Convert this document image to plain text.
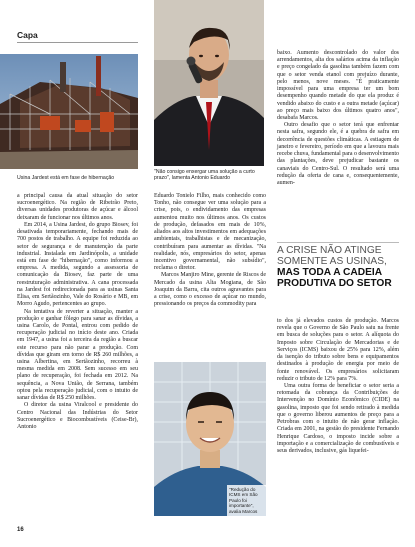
Capa
Usina Jardest está em fase de hibernação
"Não consigo enxergar uma solução a curto prazo", lamenta Antonio Eduardo

a principal causa da atual situação do setor sucroenergético. Na região de Ribeirão Preto, diversas unidades produtoras de açúcar e álcool deixaram de funcionar nos últimos anos.

Em 2014, a Usina Jardest, do grupo Biosev, foi desativada temporariamente, fechando mais de 700 postos de trabalho. A equipe foi reduzida ao setor de segurança e de manutenção da parte industrial. Instalada em Jardinópolis, a unidade está em fase de "hibernação", como informou a empresa. A medida, segundo a assessoria de comunicação da Biosev, faz parte de uma reestruturação administrativa. A cana processada na Jardest foi redirecionada para as usinas Santa Elisa, em Sertãozinho, Vale do Rosário e MB, em Morro Agudo, pertencentes ao grupo.

Na tentativa de reverter a situação, manter a produção e ganhar fôlego para sanar as dívidas, a usina Carolo, de Pontal, entrou com pedido de recuperação judicial no início deste ano. Criada em 1947, a usina foi a terceira da região a buscar este recurso para não parar a produção. Com dívidas que giram em torno de R$ 260 milhões, a usina Albertina, em Sertãozinho, recorreu à mesma medida em 2008. Sem sucesso em seu plano de recuperação, foi fechada em 2012. Na sequência, a Nova União, de Serrana, também optou pela recuperação judicial, com o intuito de sanar dívidas de R$ 250 milhões.

O diretor da usina Viralcool e presidente do Centro Nacional das Indústrias do Setor Sucroenergético e Biocombustíveis (Ceise-Br), Antonio

Eduardo Tonielo Filho, mais conhecido como Tonho, não consegue ver uma solução para a crise, pois, o endividamento das empresas aumentou muito nos últimos anos. Os custos de produção, defasados em mais de 10%, aliados aos altos investimentos em adequações ambientais, trabalhistas e de mecanização, contribuíram para aumentar as dívidas. "Na realidade, nós, empresários do setor, apenas incentivo governamental, não subsídio", reclama o diretor.

Marcos Manjiro Mine, gerente de Riscos de Mercado da usina Alta Mogiana, de São Joaquim da Barra, cita outros agravantes para a crise, como o excesso de açúcar no mundo, pressionando os preços da commodity para

"Redução do ICMS em São Paulo foi importante", avalia Marcos

baixo. Aumento descontrolado do valor dos arrendamentos, alta dos salários acima da inflação e preço congelado da gasolina também fazem com que o setor venda etanol com prejuízo durante, pelo menos, nove meses. "É praticamente impossível para uma empresa ter um bom desempenho quando metade do que ela produz é vendido abaixo do custo e a outra metade (açúcar) ao preço mais baixo dos últimos quatro anos", desabafa Marcos.

Outro desafio que o setor terá que enfrentar nesta safra, segundo ele, é a quebra de safra em decorrência de questões climáticas. A estiagem de janeiro e fevereiro, período em que a lavoura mais recebe chuva, fundamental para o desenvolvimento das plantações, deve prejudicar bastante os canaviais do Centro-Sul. O resultado será uma redução da oferta de cana e, consequentemente, aumen-

A CRISE NÃO ATINGE SOMENTE AS USINAS, MAS TODA A CADEIA PRODUTIVA DO SETOR

to dos já elevados custos de produção. Marcos revela que o Governo de São Paulo saiu na frente em busca de soluções para o setor. A alíquota do Imposto sobre Circulação de Mercadorias e de Serviços (ICMS) baixou de 25% para 12%, além da isenção do tributo sobre bens e equipamentos destinados à produção de energia por meio de fonte renovável. Os empresários solicitaram reduzir o tributo de 12% para 7%.

Uma outra forma de beneficiar o setor seria a retomada da cobrança da Contribuições de Intervenção no Domínio Econômico (CIDE) na gasolina, imposto que foi sendo retirado à medida que o governo liberou aumentos de preço para a Petrobras com o intuito de não gerar inflação. Criada em 2001, na gestão do presidente Fernando Henrique Cardoso, o imposto incide sobre a importação e a comercialização de combustíveis e seus derivados, inclusive, gás liquefei-

16
